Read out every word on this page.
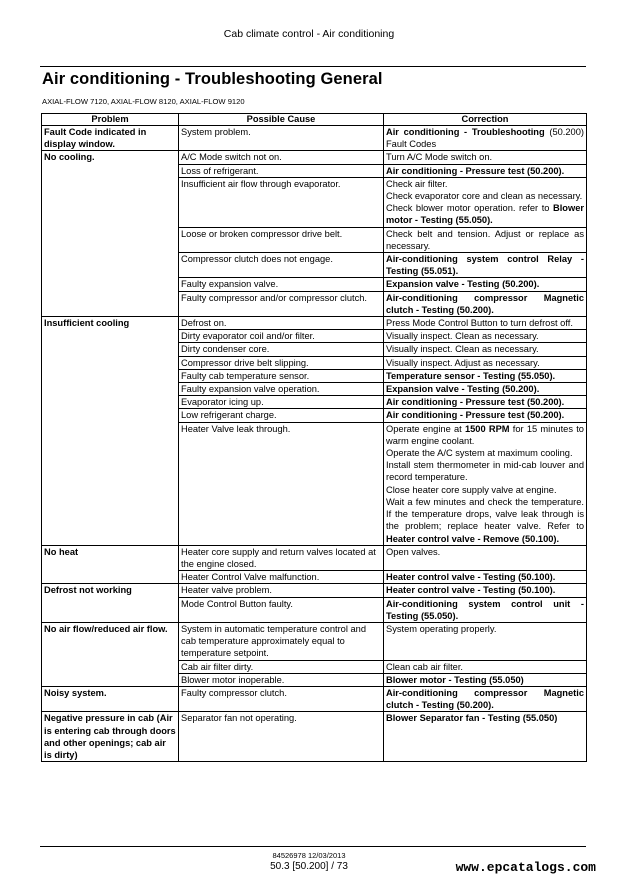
Cab climate control - Air conditioning
Air conditioning - Troubleshooting General
AXIAL-FLOW 7120, AXIAL-FLOW 8120, AXIAL-FLOW 9120
Problem	Possible Cause	Correction
Fault Code indicated in display window.	System problem.	Air conditioning - Troubleshooting (50.200) Fault Codes
No cooling.	A/C Mode switch not on.	Turn A/C Mode switch on.
	Loss of refrigerant.	Air conditioning - Pressure test (50.200).
	Insufficient air flow through evaporator.	Check air filter.
Check evaporator core and clean as necessary.
Check blower motor operation. refer to Blower motor - Testing (55.050).
	Loose or broken compressor drive belt.	Check belt and tension. Adjust or replace as necessary.
	Compressor clutch does not engage.	Air-conditioning system control Relay - Testing (55.051).
	Faulty expansion valve.	Expansion valve - Testing (50.200).
	Faulty compressor and/or compressor clutch.	Air-conditioning compressor Magnetic clutch - Testing (50.200).
Insufficient cooling	Defrost on.	Press Mode Control Button to turn defrost off.
	Dirty evaporator coil and/or filter.	Visually inspect. Clean as necessary.
	Dirty condenser core.	Visually inspect. Clean as necessary.
	Compressor drive belt slipping.	Visually inspect. Adjust as necessary.
	Faulty cab temperature sensor.	Temperature sensor - Testing (55.050).
	Faulty expansion valve operation.	Expansion valve - Testing (50.200).
	Evaporator icing up.	Air conditioning - Pressure test (50.200).
	Low refrigerant charge.	Air conditioning - Pressure test (50.200).
	Heater Valve leak through.	Operate engine at 1500 RPM for 15 minutes to warm engine coolant.
Operate the A/C system at maximum cooling.
Install stem thermometer in mid-cab louver and record temperature.
Close heater core supply valve at engine.
Wait a few minutes and check the temperature. If the temperature drops, valve leak through is the problem; replace heater valve. Refer to Heater control valve - Remove (50.100).
No heat	Heater core supply and return valves located at the engine closed.	Open valves.
	Heater Control Valve malfunction.	Heater control valve - Testing (50.100).
Defrost not working	Heater valve problem.	Heater control valve - Testing (50.100).
	Mode Control Button faulty.	Air-conditioning system control unit - Testing (55.050).
No air flow/reduced air flow.	System in automatic temperature control and cab temperature approximately equal to temperature setpoint.	System operating properly.
	Cab air filter dirty.	Clean cab air filter.
	Blower motor inoperable.	Blower motor - Testing (55.050)
Noisy system.	Faulty compressor clutch.	Air-conditioning compressor Magnetic clutch - Testing (50.200).
Negative pressure in cab (Air is entering cab through doors and other openings; cab air is dirty)	Separator fan not operating.	Blower Separator fan - Testing (55.050)
84526978 12/03/2013
50.3 [50.200] / 73	www.epcatalogs.com
